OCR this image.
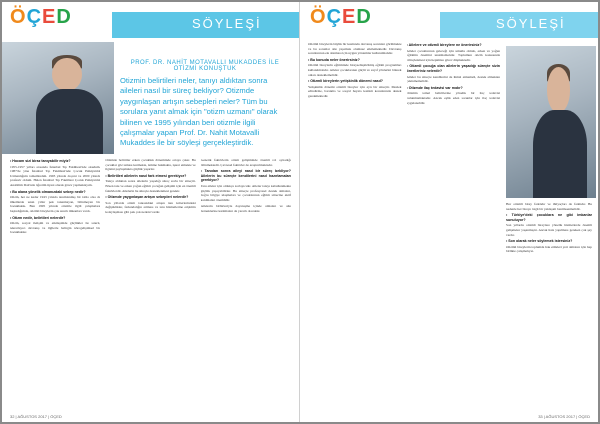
ÖÇED	SÖYLEŞİ
PROF. DR. NAHİT MOTAVALLI MUKADDES İLE OTİZMİ KONUŞTUK
Otizmin belirtileri neler, tanıyı aldıktan sonra aileleri nasıl bir süreç bekliyor? Otizmde yaygınlaşan artışın sebepleri neler? Tüm bu sorulara yanıt almak için "otizm uzmanı" olarak bilinen ve 1995 yılından beri otizmle ilgili çalışmalar yapan Prof. Dr. Nahit Motavalli Mukaddes ile bir söyleşi gerçekleştirdik.
• Hocam sizi biraz tanıyabilir miyiz?

1955-1957 yılları arasında İstanbul Tıp Fakültesi'nde okudum. 1987'de yine İstanbul Tıp Fakültesi'nde Çocuk Psikiyatrisi Uzmanlığımı tamamladım. 1993 yılında doçent ve 2000 yılında profesör oldum. Halen İstanbul Tıp Fakültesi Çocuk Psikiyatrisi Anabilim Dalı'nda öğretim üyesi olarak görev yapmaktayım.

• Bu alana yönelik olmanızdaki sebep nedir?

Otizm, her ne kadar 1943 yılında tanımlanmış bir tablo olsa da ülkemizde uzun yıllar pek tanınmayan, bilinmeyen bir bozukluktu. Ben 1995 yılında otizmle ilgili çalışmalara başladığımda, otizmli bireylerin çok sınırlı imkanları vardı.

• Otizm nedir, belirtileri nelerdir?

Otizm, sosyal iletişim ve etkileşimde güçlükler ile sınırlı, tekrarlayıcı davranış ve ilgilerle belirgin nörogelişimsel bir bozukluktur.

Otizmde belirtiler erken çocukluk döneminde ortaya çıkar. Bu çocuklar göz teması kurmakta, ismine bakmakta, işaret etmekte ve ilgisini paylaşmakta güçlük yaşarlar.

• Belirtileri ailelerin nasıl fark etmesi gerekiyor?

Tanıyı aldıktan sonra ailelerin yaşadığı süreç zorlu bir süreçtir. Erken tanı ve erken yoğun eğitim çocuğun gelişimi için en önemli faktörlerdir. Ailelerin bu süreçte desteklenmesi gerekir.

• Otizmde yaygınlaşan artışın sebepleri nelerdir?

Son yıllarda otizm tanısındaki artışın tanı kriterlerindeki değişiklikler, farkındalığın artması ve tanı hizmetlerine erişimin kolaylaşması gibi pek çok nedeni vardır.

Genetik faktörlerin otizm gelişiminde önemli rol oynadığı bilinmektedir. Çevresel faktörler de araştırılmaktadır.

• Tanıdan sonra aileyi nasıl bir süreç bekliyor? Ailelerin bu süreçte kendilerini nasıl hazırlamaları gerekiyor?

Tanı aileler için oldukça zorlayıcıdır. Aileler tanıyı kabullenmekte güçlük yaşayabilirler. Bu süreçte profesyonel destek almaları, doğru bilgiye ulaşmaları ve çocuklarının eğitim sürecine aktif katılmaları önemlidir.

Ailelerin birbirleriyle dayanışma içinde olmaları ve aile derneklerine katılmaları da yararlı olacaktır.

32 | AĞUSTOS 2017 | ÖÇED
ÖÇED	SÖYLEŞİ

Otizmli bireylerin büyük bir kısmında davranış sorunları görülmekte ve bu sorunlar aile yaşamını olumsuz etkilemektedir. Davranış sorunlarının ele alınması için uygun yöntemler kullanılmalıdır.

• Bu konuda neler önerirsiniz?

Otizmli bireylerin eğitiminde bireyselleştirilmiş eğitim programları kullanılmalıdır. Aileler çocuklarının güçlü ve zayıf yönlerini bilerek onları desteklemelidir.

• Otizmli bireylerin yetişkinlik dönemi nasıl?

Yetişkinlik dönemi otizmli bireyler için ayrı bir süreçtir. Meslek edindirme, barınma ve sosyal hayata katılım konularında destek gerekmektedir.

• Ailelere ve otizmli bireylere ne önerirsiniz?

Aileler çocuklarının geleceği için umutlu olmalı, erken ve yoğun eğitimin önemini unutmamalıdır. Toplumun otizm konusunda bilinçlenmesi için hepimize görev düşmektedir.

• Otizmli çocuğa olan ailelerin yaşadığı süreçte sizin önerileriniz nelerdir?

Aileler bu süreçte kendilerini de ihmal etmemeli, destek almaktan çekinmemelidir.

• Otizmde ilaç tedavisi var mıdır?

Otizmin temel belirtilerine yönelik bir ilaç tedavisi bulunmamaktadır. Ancak eşlik eden sorunlar için ilaç tedavisi uygulanabilir.

Her otizmli birey farklıdır ve ihtiyaçları da farklıdır. Bu nedenle her bireye özgü bir yaklaşım benimsenmelidir.

• Türkiye'deki çocuklara ne gibi imkanlar sunuluyor?

Son yıllarda otizmli bireylere yönelik hizmetlerde önemli gelişmeler yaşanmıştır. Ancak hala yapılması gereken çok şey vardır.

• Son olarak neler söylemek istersiniz?

Otizmli bireylerin toplumda hak ettikleri yeri almaları için hep birlikte çalışmalıyız.

33 | AĞUSTOS 2017 | ÖÇED
